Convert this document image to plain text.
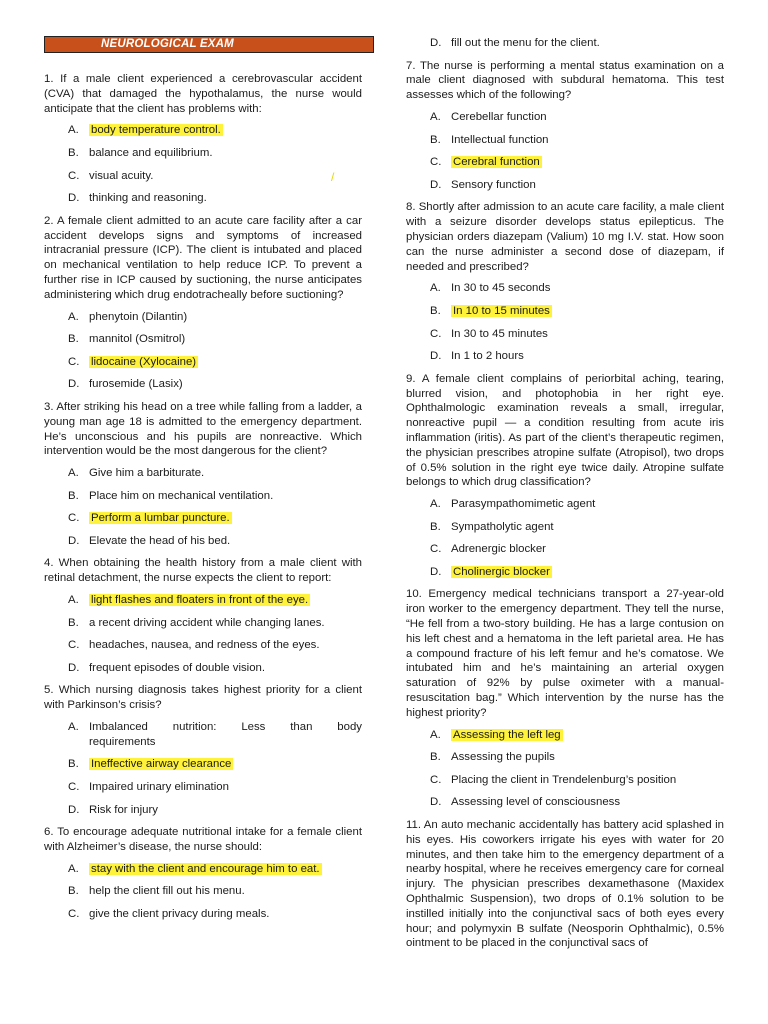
NEUROLOGICAL EXAM

1. If a male client experienced a cerebrovascular accident (CVA) that damaged the hypothalamus, the nurse would anticipate that the client has problems with:

A. body temperature control.
B. balance and equilibrium.
C. visual acuity.
D. thinking and reasoning.

2. A female client admitted to an acute care facility after a car accident develops signs and symptoms of increased intracranial pressure (ICP). The client is intubated and placed on mechanical ventilation to help reduce ICP. To prevent a further rise in ICP caused by suctioning, the nurse anticipates administering which drug endotracheally before suctioning?

A. phenytoin (Dilantin)
B. mannitol (Osmitrol)
C. lidocaine (Xylocaine)
D. furosemide (Lasix)

3. After striking his head on a tree while falling from a ladder, a young man age 18 is admitted to the emergency department. He’s unconscious and his pupils are nonreactive. Which intervention would be the most dangerous for the client?

A. Give him a barbiturate.
B. Place him on mechanical ventilation.
C. Perform a lumbar puncture.
D. Elevate the head of his bed.

4. When obtaining the health history from a male client with retinal detachment, the nurse expects the client to report:

A. light flashes and floaters in front of the eye.
B. a recent driving accident while changing lanes.
C. headaches, nausea, and redness of the eyes.
D. frequent episodes of double vision.

5. Which nursing diagnosis takes highest priority for a client with Parkinson’s crisis?

A. Imbalanced nutrition: Less than body
requirements
B. Ineffective airway clearance
C. Impaired urinary elimination
D. Risk for injury

6. To encourage adequate nutritional intake for a female client with Alzheimer’s disease, the nurse should:

A. stay with the client and encourage him to eat.
B. help the client fill out his menu.
C. give the client privacy during meals.
/
D. fill out the menu for the client.

7. The nurse is performing a mental status examination on a male client diagnosed with subdural hematoma. This test assesses which of the following?

A. Cerebellar function
B. Intellectual function
C. Cerebral function
D. Sensory function

8. Shortly after admission to an acute care facility, a male client with a seizure disorder develops status epilepticus. The physician orders diazepam (Valium) 10 mg I.V. stat. How soon can the nurse administer a second dose of diazepam, if needed and prescribed?

A. In 30 to 45 seconds
B. In 10 to 15 minutes
C. In 30 to 45 minutes
D. In 1 to 2 hours

9. A female client complains of periorbital aching, tearing, blurred vision, and photophobia in her right eye. Ophthalmologic examination reveals a small, irregular, nonreactive pupil — a condition resulting from acute iris inflammation (iritis). As part of the client’s therapeutic regimen, the physician prescribes atropine sulfate (Atropisol), two drops of 0.5% solution in the right eye twice daily. Atropine sulfate belongs to which drug classification?

A. Parasympathomimetic agent
B. Sympatholytic agent
C. Adrenergic blocker
D. Cholinergic blocker

10. Emergency medical technicians transport a 27-year-old iron worker to the emergency department. They tell the nurse, “He fell from a two-story building. He has a large contusion on his left chest and a hematoma in the left parietal area. He has a compound fracture of his left femur and he’s comatose. We intubated him and he’s maintaining an arterial oxygen saturation of 92% by pulse oximeter with a manual-resuscitation bag.” Which intervention by the nurse has the highest priority?

A. Assessing the left leg
B. Assessing the pupils
C. Placing the client in Trendelenburg’s position
D. Assessing level of consciousness

11. An auto mechanic accidentally has battery acid splashed in his eyes. His coworkers irrigate his eyes with water for 20 minutes, and then take him to the emergency department of a nearby hospital, where he receives emergency care for corneal injury. The physician prescribes dexamethasone (Maxidex Ophthalmic Suspension), two drops of 0.1% solution to be instilled initially into the conjunctival sacs of both eyes every hour; and polymyxin B sulfate (Neosporin Ophthalmic), 0.5% ointment to be placed in the conjunctival sacs of
